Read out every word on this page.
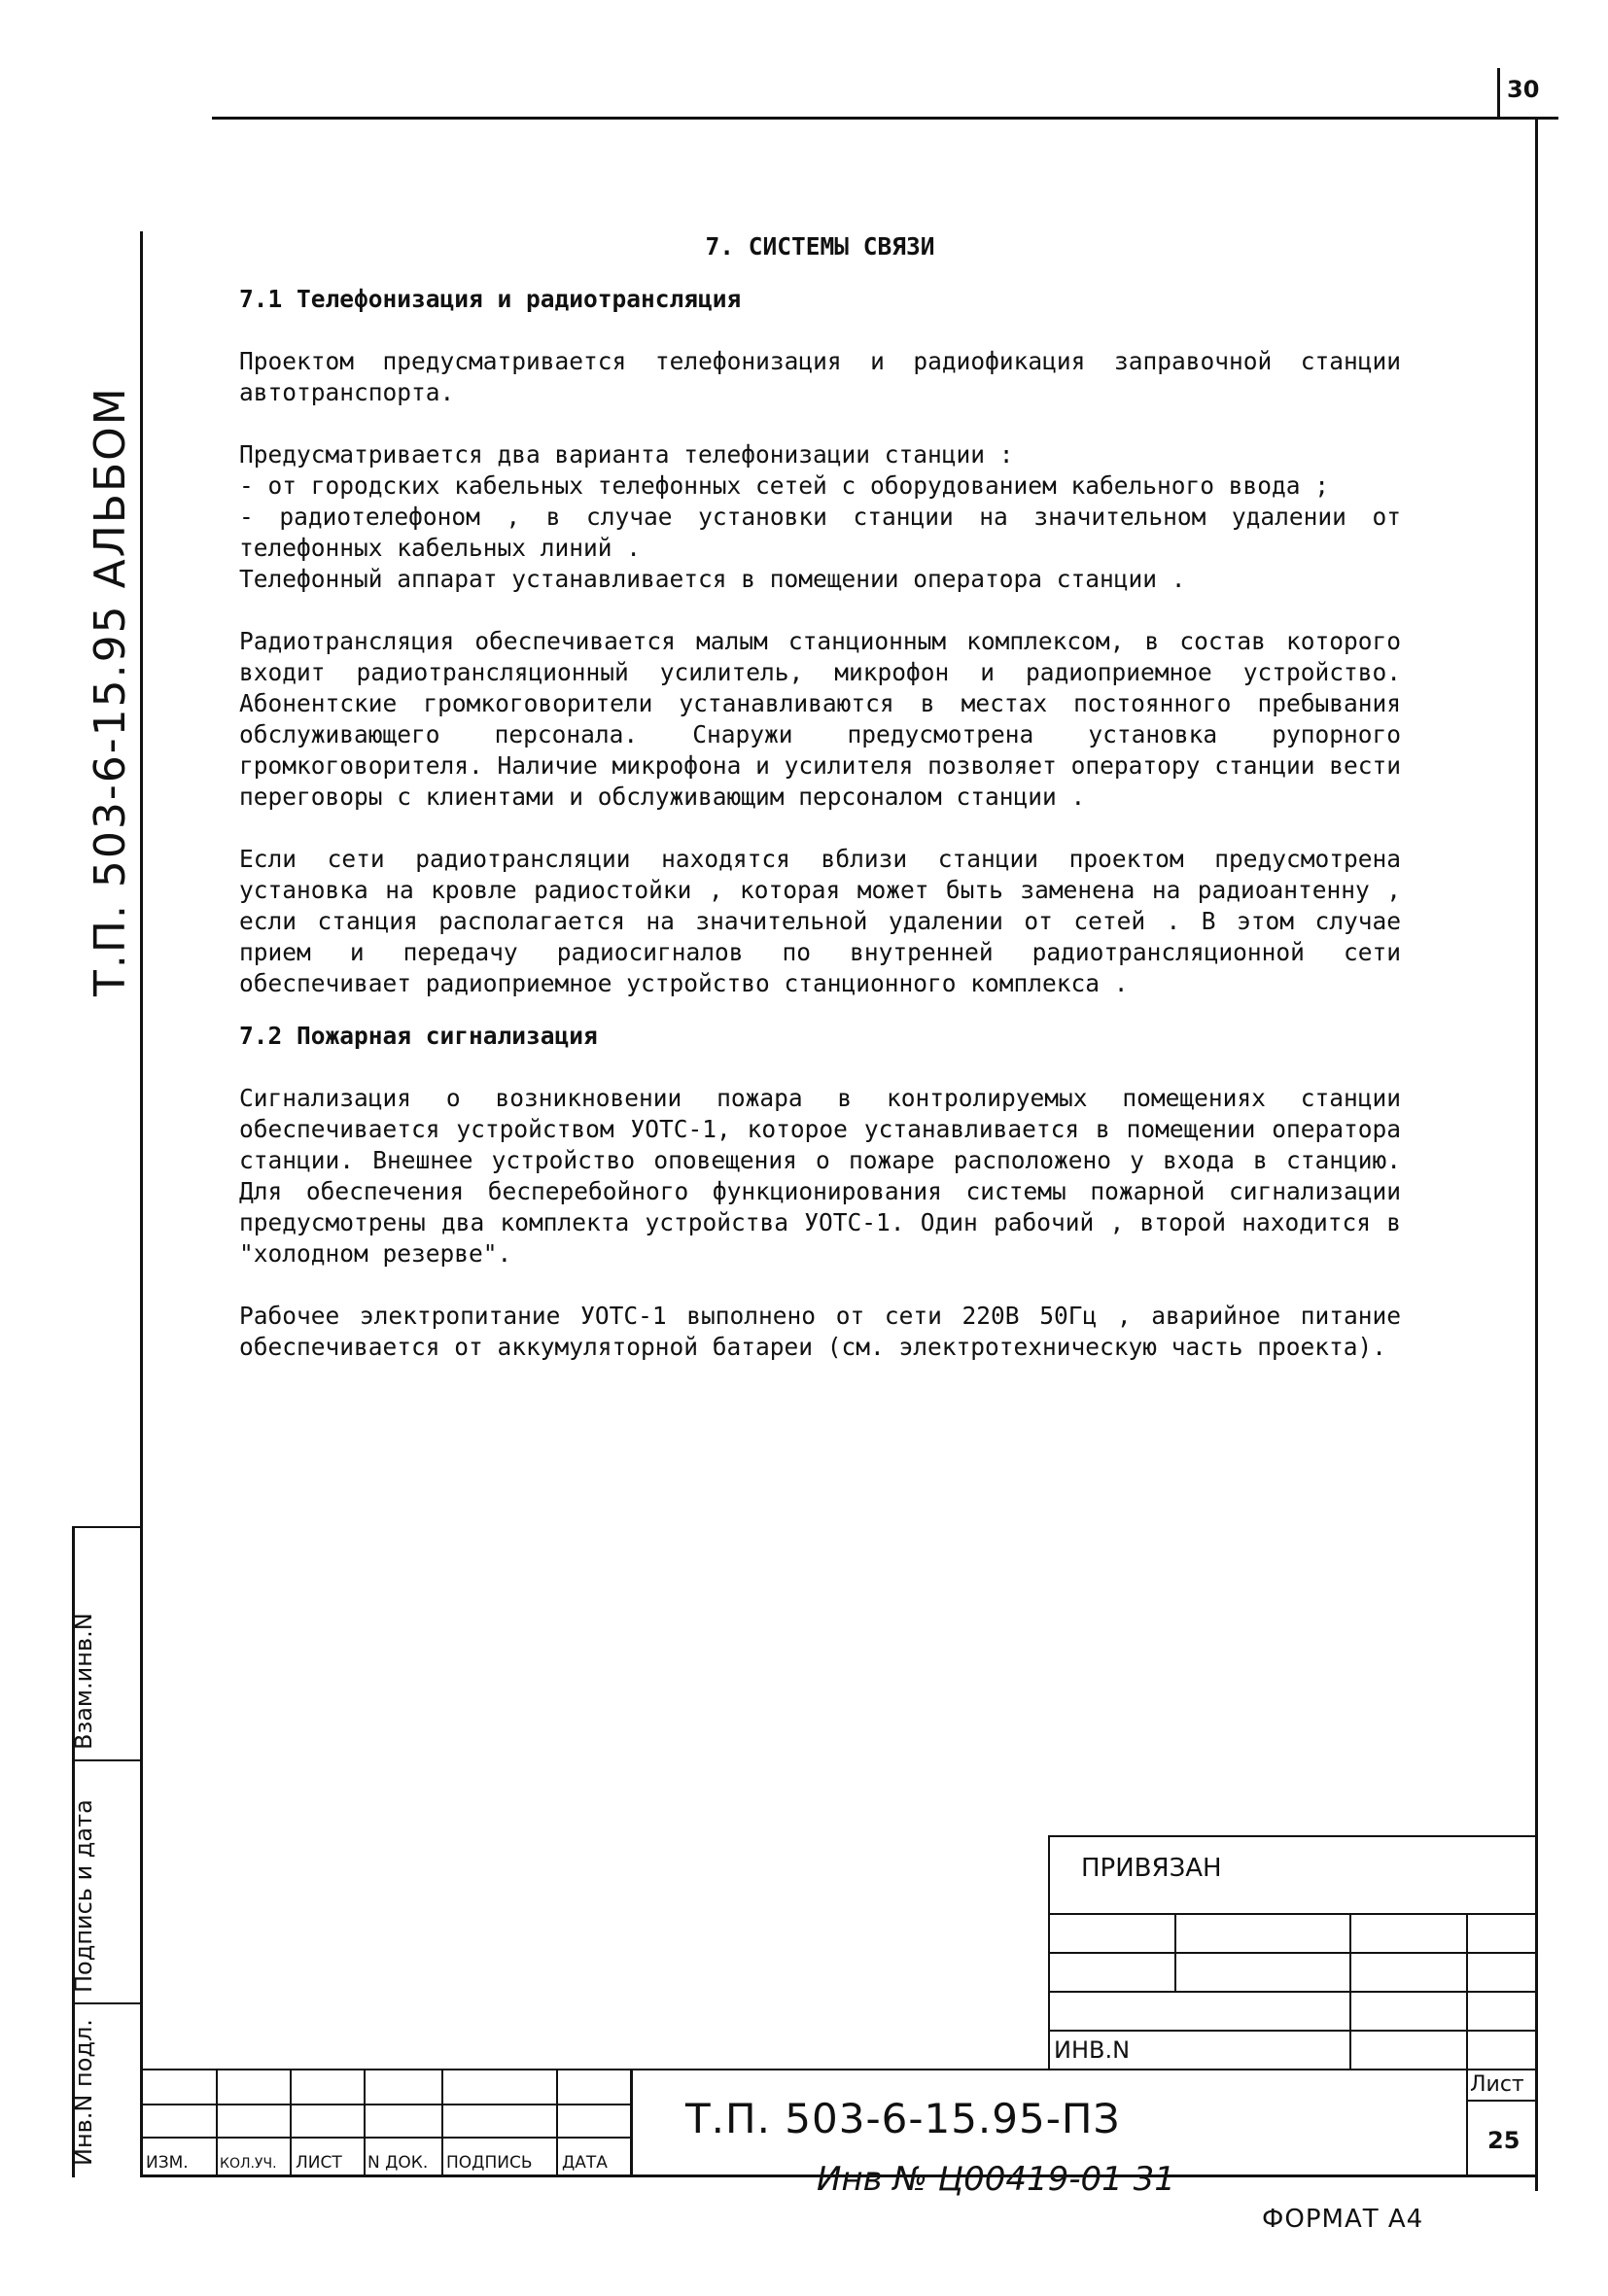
30
Т.П. 503-6-15.95 АЛЬБОМ
Инв.N подл.
Подпись и дата
Взам.инв.N

7. СИСТЕМЫ СВЯЗИ

7.1 Телефонизация и радиотрансляция

Проектом предусматривается телефонизация и радиофикация заправочной станции автотранспорта.

Предусматривается два варианта телефонизации станции :

- от городских кабельных телефонных сетей с оборудованием кабельного ввода ;

- радиотелефоном , в случае установки станции на значительном удалении от телефонных кабельных линий .

Телефонный аппарат устанавливается в помещении оператора станции .

Радиотрансляция обеспечивается малым станционным комплексом, в состав которого входит радиотрансляционный усилитель, микрофон и радиоприемное устройство. Абонентские громкоговорители устанавливаются в местах постоянного пребывания обслуживающего персонала. Снаружи предусмотрена установка рупорного громкоговорителя. Наличие микрофона и усилителя позволяет оператору станции вести переговоры с клиентами и обслуживающим персоналом станции .

Если сети радиотрансляции находятся вблизи станции проектом предусмотрена установка на кровле радиостойки , которая может быть заменена на радиоантенну , если станция располагается на значительной удалении от сетей . В этом случае прием и передачу радиосигналов по внутренней радиотрансляционной сети обеспечивает радиоприемное устройство станционного комплекса .

7.2 Пожарная сигнализация

Сигнализация о возникновении пожара в контролируемых помещениях станции обеспечивается устройством УОТС-1, которое устанавливается в помещении оператора станции. Внешнее устройство оповещения о пожаре расположено у входа в станцию. Для обеспечения бесперебойного функционирования системы пожарной сигнализации предусмотрены два комплекта устройства УОТС-1. Один рабочий , второй находится в "холодном резерве".

Рабочее электропитание УОТС-1 выполнено от сети 220В 50Гц , аварийное питание обеспечивается от аккумуляторной батареи (см. электротехническую часть проекта).

ПРИВЯЗАН
ИНВ.N
ИЗМ. КОЛ.УЧ. ЛИСТ N ДОК. ПОДПИСЬ ДАТА
Т.П. 503-6-15.95-ПЗ
Лист
25
Инв № Ц00419-01 31
ФОРМАТ А4
